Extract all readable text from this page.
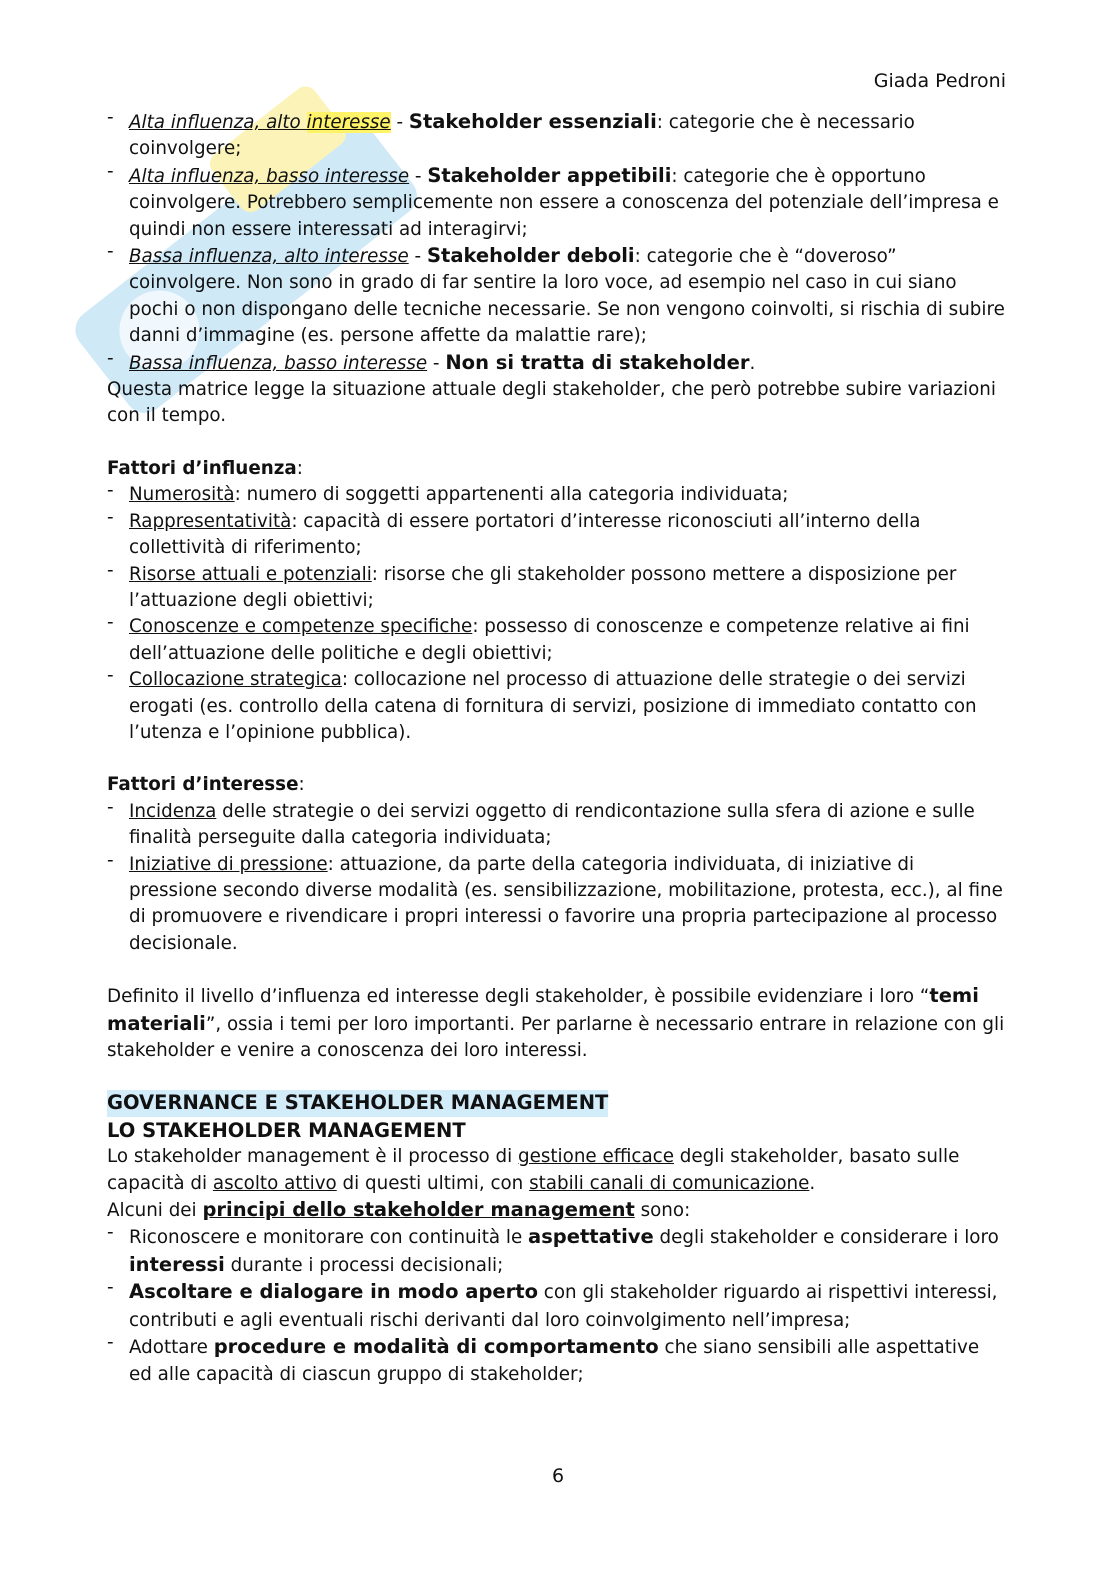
Giada Pedroni

- Alta influenza, alto interesse - Stakeholder essenziali: categorie che è necessario coinvolgere;
- Alta influenza, basso interesse - Stakeholder appetibili: categorie che è opportuno coinvolgere. Potrebbero semplicemente non essere a conoscenza del potenziale dell’impresa e quindi non essere interessati ad interagirvi;
- Bassa influenza, alto interesse - Stakeholder deboli: categorie che è “doveroso” coinvolgere. Non sono in grado di far sentire la loro voce, ad esempio nel caso in cui siano pochi o non dispongano delle tecniche necessarie. Se non vengono coinvolti, si rischia di subire danni d’immagine (es. persone affette da malattie rare);
- Bassa influenza, basso interesse - Non si tratta di stakeholder.

Questa matrice legge la situazione attuale degli stakeholder, che però potrebbe subire variazioni con il tempo.

Fattori d’influenza:

- Numerosità: numero di soggetti appartenenti alla categoria individuata;
- Rappresentatività: capacità di essere portatori d’interesse riconosciuti all’interno della collettività di riferimento;
- Risorse attuali e potenziali: risorse che gli stakeholder possono mettere a disposizione per l’attuazione degli obiettivi;
- Conoscenze e competenze specifiche: possesso di conoscenze e competenze relative ai fini dell’attuazione delle politiche e degli obiettivi;
- Collocazione strategica: collocazione nel processo di attuazione delle strategie o dei servizi erogati (es. controllo della catena di fornitura di servizi, posizione di immediato contatto con l’utenza e l’opinione pubblica).

Fattori d’interesse:

- Incidenza delle strategie o dei servizi oggetto di rendicontazione sulla sfera di azione e sulle finalità perseguite dalla categoria individuata;
- Iniziative di pressione: attuazione, da parte della categoria individuata, di iniziative di pressione secondo diverse modalità (es. sensibilizzazione, mobilitazione, protesta, ecc.), al fine di promuovere e rivendicare i propri interessi o favorire una propria partecipazione al processo decisionale.

Definito il livello d’influenza ed interesse degli stakeholder, è possibile evidenziare i loro “temi materiali”, ossia i temi per loro importanti. Per parlarne è necessario entrare in relazione con gli stakeholder e venire a conoscenza dei loro interessi.

GOVERNANCE E STAKEHOLDER MANAGEMENT
LO STAKEHOLDER MANAGEMENT

Lo stakeholder management è il processo di gestione efficace degli stakeholder, basato sulle capacità di ascolto attivo di questi ultimi, con stabili canali di comunicazione.

Alcuni dei principi dello stakeholder management sono:

- Riconoscere e monitorare con continuità le aspettative degli stakeholder e considerare i loro interessi durante i processi decisionali;
- Ascoltare e dialogare in modo aperto con gli stakeholder riguardo ai rispettivi interessi, contributi e agli eventuali rischi derivanti dal loro coinvolgimento nell’impresa;
- Adottare procedure e modalità di comportamento che siano sensibili alle aspettative ed alle capacità di ciascun gruppo di stakeholder;

6
